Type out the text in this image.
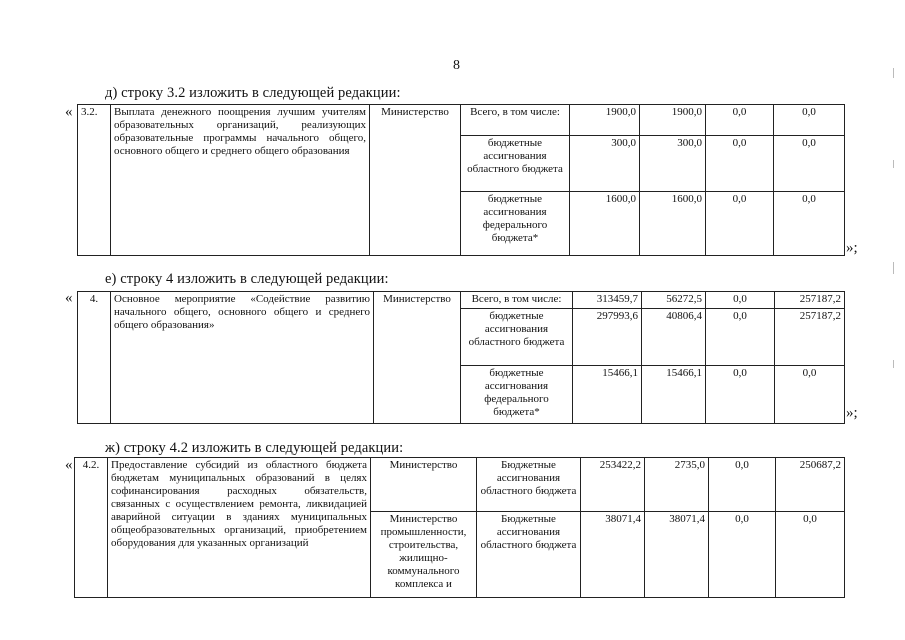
8
д) строку 3.2 изложить в следующей редакции:
« 3.2.	Выплата денежного поощрения лучшим учителям образовательных организаций, реализующих образовательные программы начального общего, основного общего и среднего общего образования	Министерство	Всего, в том числе:	1900,0	1900,0	0,0	0,0
			бюджетные ассигнования областного бюджета	300,0	300,0	0,0	0,0
			бюджетные ассигнования федерального бюджета*	1600,0	1600,0	0,0	0,0
»;
е) строку 4 изложить в следующей редакции:
« 4.	Основное мероприятие «Содействие развитию начального общего, основного общего и среднего общего образования»	Министерство	Всего, в том числе:	313459,7	56272,5	0,0	257187,2
			бюджетные ассигнования областного бюджета	297993,6	40806,4	0,0	257187,2
			бюджетные ассигнования федерального бюджета*	15466,1	15466,1	0,0	0,0
»;
ж) строку 4.2 изложить в следующей редакции:
« 4.2.	Предоставление субсидий из областного бюджета бюджетам муниципальных образований в целях софинансирования расходных обязательств, связанных с осуществлением ремонта, ликвидацией аварийной ситуации в зданиях муниципальных общеобразовательных организаций, приобретением оборудования для указанных организаций	Министерство	Бюджетные ассигнования областного бюджета	253422,2	2735,0	0,0	250687,2
		Министерство промышленности, строительства, жилищно-коммунального комплекса и	Бюджетные ассигнования областного бюджета	38071,4	38071,4	0,0	0,0
